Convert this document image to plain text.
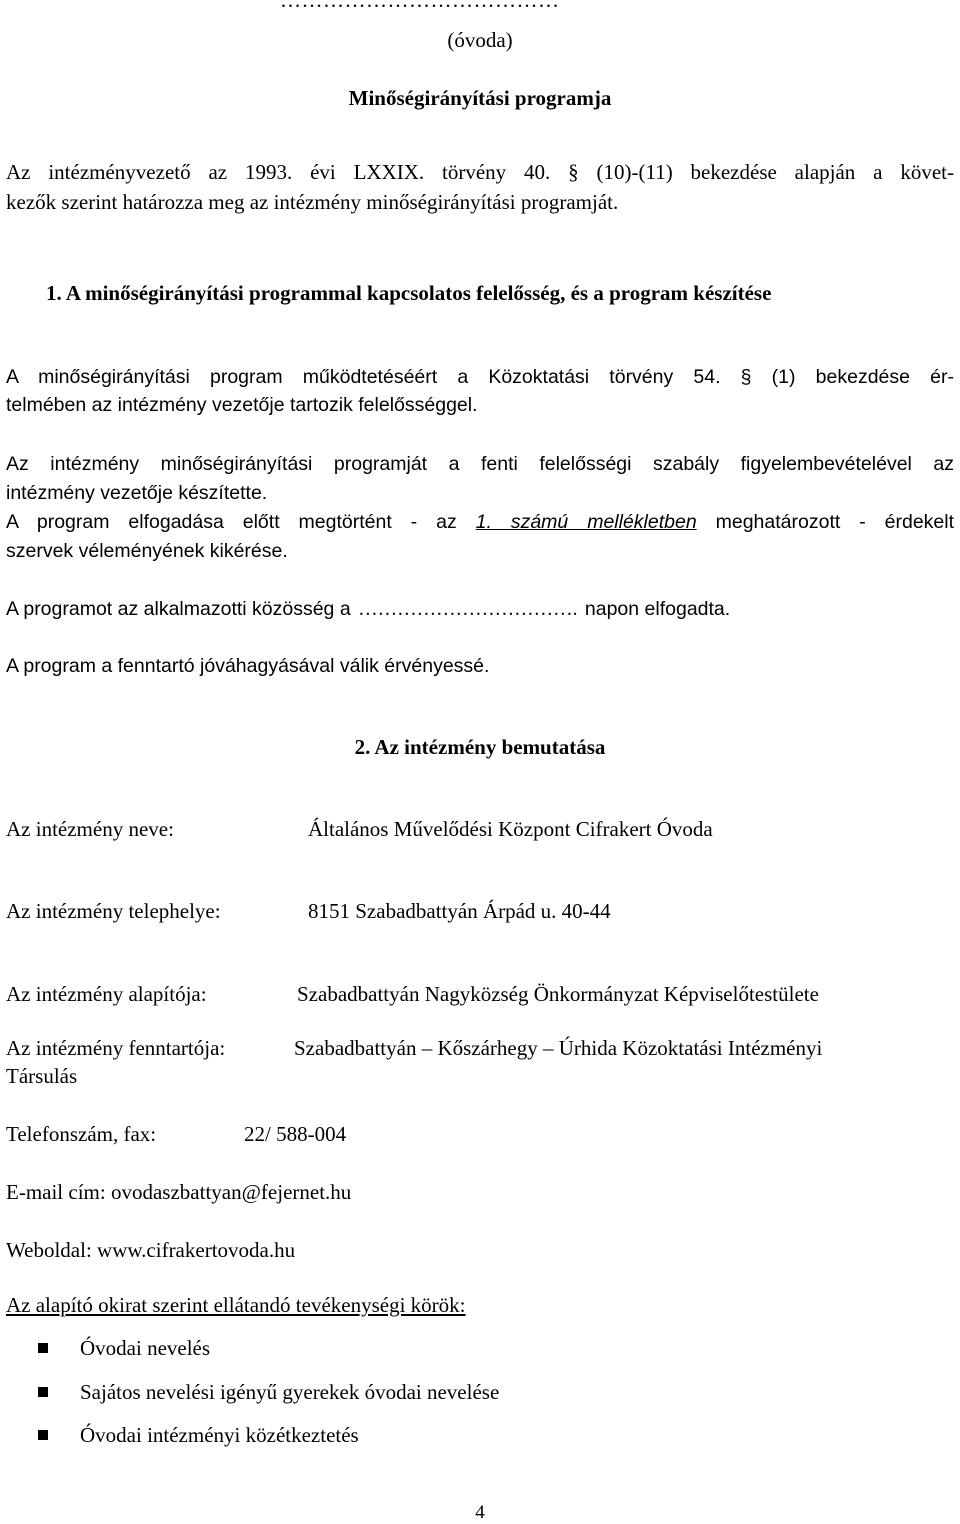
…………………………………
(óvoda)
Minőségirányítási programja
Az intézményvezető az 1993. évi LXXIX. törvény 40. § (10)-(11) bekezdése alapján a követ-
kezők szerint határozza meg az intézmény minőségirányítási programját.
1. A minőségirányítási programmal kapcsolatos felelősség, és a program készítése
A minőségirányítási program működtetéséért a Közoktatási törvény 54. § (1) bekezdése ér-
telmében az intézmény vezetője tartozik felelősséggel.
Az intézmény minőségirányítási programját a fenti felelősségi szabály figyelembevételével az
intézmény vezetője készítette.
A program elfogadása előtt megtörtént - az 1. számú mellékletben meghatározott - érdekelt
szervek véleményének kikérése.
A programot az alkalmazotti közösség a ……………………………. napon elfogadta.
A program a fenntartó jóváhagyásával válik érvényessé.
2. Az intézmény bemutatása
Az intézmény neve:	Általános Művelődési Központ Cifrakert Óvoda
Az intézmény telephelye:	8151 Szabadbattyán Árpád u. 40-44
Az intézmény alapítója:	Szabadbattyán Nagyközség Önkormányzat Képviselőtestülete
Az intézmény fenntartója:	Szabadbattyán – Kőszárhegy – Úrhida Közoktatási Intézményi
Társulás
Telefonszám, fax:	22/ 588-004
E-mail cím: ovodaszbattyan@fejernet.hu
Weboldal: www.cifrakertovoda.hu
Az alapító okirat szerint ellátandó tevékenységi körök:
Óvodai nevelés
Sajátos nevelési igényű gyerekek óvodai nevelése
Óvodai intézményi közétkeztetés
4
